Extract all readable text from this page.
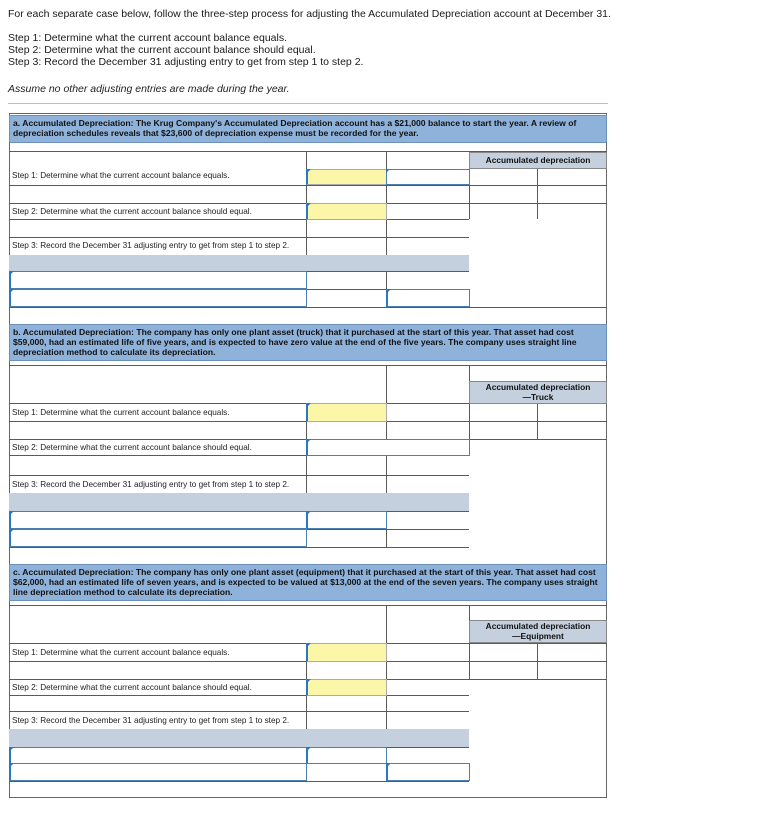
For each separate case below, follow the three-step process for adjusting the Accumulated Depreciation account at December 31.
Step 1: Determine what the current account balance equals.
Step 2: Determine what the current account balance should equal.
Step 3: Record the December 31 adjusting entry to get from step 1 to step 2.
Assume no other adjusting entries are made during the year.
a. Accumulated Depreciation: The Krug Company's Accumulated Depreciation account has a $21,000 balance to start the year. A review of depreciation schedules reveals that $23,600 of depreciation expense must be recorded for the year.
Accumulated depreciation
Step 1: Determine what the current account balance equals.
Step 2: Determine what the current account balance should equal.
Step 3: Record the December 31 adjusting entry to get from step 1 to step 2.
b. Accumulated Depreciation: The company has only one plant asset (truck) that it purchased at the start of this year. That asset had cost $59,000, had an estimated life of five years, and is expected to have zero value at the end of the five years. The company uses straight line depreciation method to calculate its depreciation.
Accumulated depreciation
—Truck
Step 1: Determine what the current account balance equals.
Step 2: Determine what the current account balance should equal.
Step 3: Record the December 31 adjusting entry to get from step 1 to step 2.
c. Accumulated Depreciation: The company has only one plant asset (equipment) that it purchased at the start of this year. That asset had cost $62,000, had an estimated life of seven years, and is expected to be valued at $13,000 at the end of the seven years. The company uses straight line depreciation method to calculate its depreciation.
Accumulated depreciation
—Equipment
Step 1: Determine what the current account balance equals.
Step 2: Determine what the current account balance should equal.
Step 3: Record the December 31 adjusting entry to get from step 1 to step 2.
